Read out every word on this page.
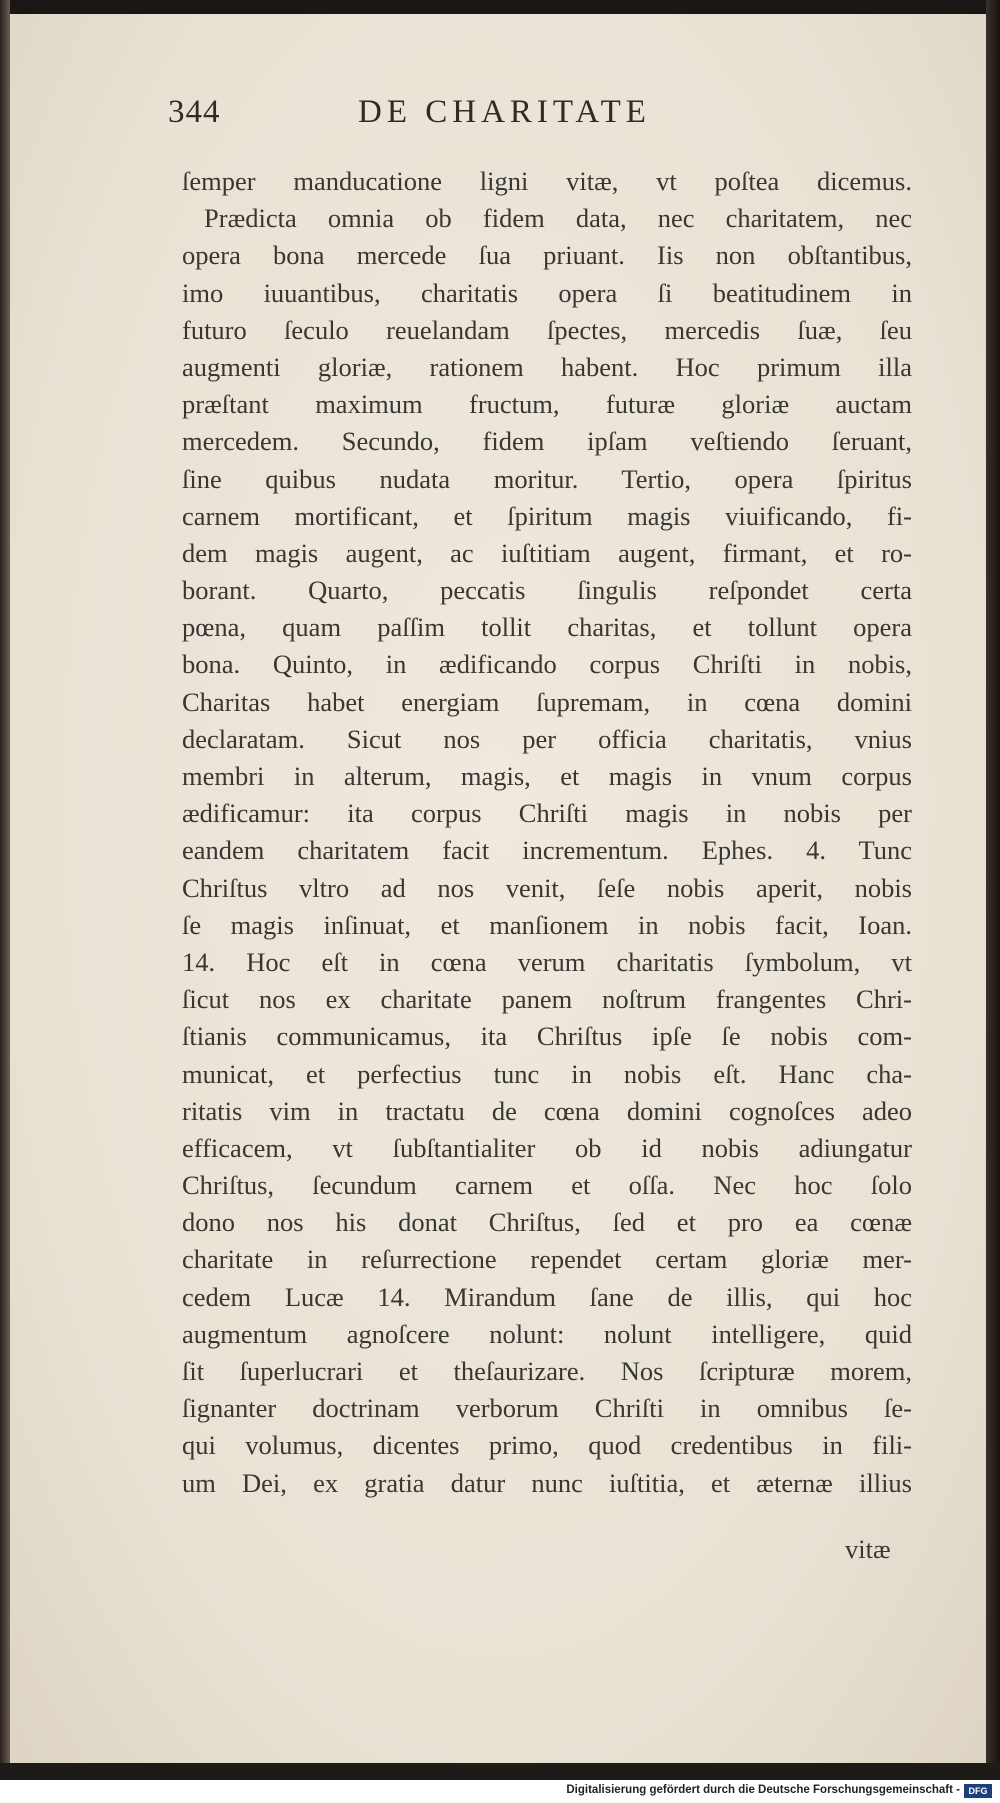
344	DE CHARITATE
ſemper manducatione ligni vitæ, vt poſtea dicemus.
Prædicta omnia ob fidem data, nec charitatem, nec
opera bona mercede ſua priuant. Iis non obſtantibus,
imo iuuantibus, charitatis opera ſi beatitudinem in
futuro ſeculo reuelandam ſpectes, mercedis ſuæ, ſeu
augmenti gloriæ, rationem habent. Hoc primum illa
præſtant maximum fructum, futuræ gloriæ auctam
mercedem. Secundo, fidem ipſam veſtiendo ſeruant,
ſine quibus nudata moritur. Tertio, opera ſpiritus
carnem mortificant, et ſpiritum magis viuificando, fi-
dem magis augent, ac iuſtitiam augent, firmant, et ro-
borant. Quarto, peccatis ſingulis reſpondet certa
pœna, quam paſſim tollit charitas, et tollunt opera
bona. Quinto, in ædificando corpus Chriſti in nobis,
Charitas habet energiam ſupremam, in cœna domini
declaratam. Sicut nos per officia charitatis, vnius
membri in alterum, magis, et magis in vnum corpus
ædificamur: ita corpus Chriſti magis in nobis per
eandem charitatem facit incrementum. Ephes. 4. Tunc
Chriſtus vltro ad nos venit, ſeſe nobis aperit, nobis
ſe magis inſinuat, et manſionem in nobis facit, Ioan.
14. Hoc eſt in cœna verum charitatis ſymbolum, vt
ſicut nos ex charitate panem noſtrum frangentes Chri-
ſtianis communicamus, ita Chriſtus ipſe ſe nobis com-
municat, et perfectius tunc in nobis eſt. Hanc cha-
ritatis vim in tractatu de cœna domini cognoſces adeo
efficacem, vt ſubſtantialiter ob id nobis adiungatur
Chriſtus, ſecundum carnem et oſſa. Nec hoc ſolo
dono nos his donat Chriſtus, ſed et pro ea cœnæ
charitate in reſurrectione rependet certam gloriæ mer-
cedem Lucæ 14. Mirandum ſane de illis, qui hoc
augmentum agnoſcere nolunt: nolunt intelligere, quid
ſit ſuperlucrari et theſaurizare. Nos ſcripturæ morem,
ſignanter doctrinam verborum Chriſti in omnibus ſe-
qui volumus, dicentes primo, quod credentibus in fili-
um Dei, ex gratia datur nunc iuſtitia, et æternæ illius
vitæ
Digitalisierung gefördert durch die Deutsche Forschungsgemeinschaft - DFG
